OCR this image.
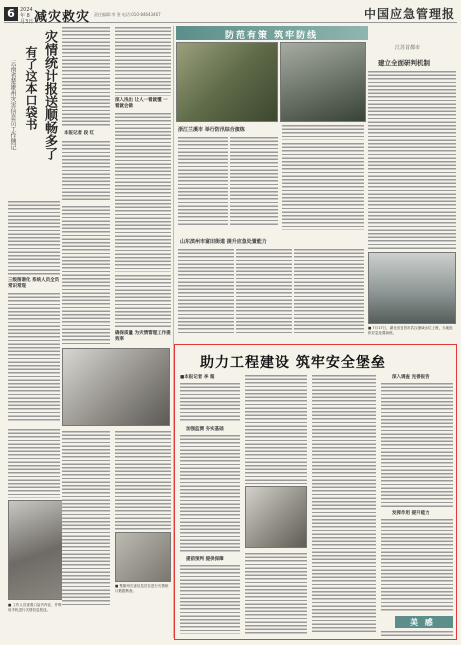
6	2024年 8月3日 减灾救灾 责任编辑:李 坚 电话:010-84643467	中国应急管理报
灾情统计报送顺畅多了
有了这本口袋书
云南省楚雄州灾害信息员工作侧记	本报记者 段 红
深入浅出 让人一看就懂 一看就会做
三级图谱化 系统人员全员常识常现
确保质量 为灾情管理工作提效率
■ 楚雄州灾害信息员在进行灾情统计数据核查。
■ 工作人员查看口袋书内容，并利用手机进行灾情信息报送。
防范有策 筑牢防线
江苏首都市
建立全面研判机制
浙江兰溪市 举行防汛综合演练
山东滨州市富田街道 提升应急处置能力
■ 7月17日，湖北省宜昌市武汉流域水位上涨，当地组织应急处置演练。
助力工程建设 筑牢安全堡垒
■本报记者 李 超
加强监测 夯实基础
提前预判 提供保障
深入调查 完善报告
发挥作用 提升能力
美 感
